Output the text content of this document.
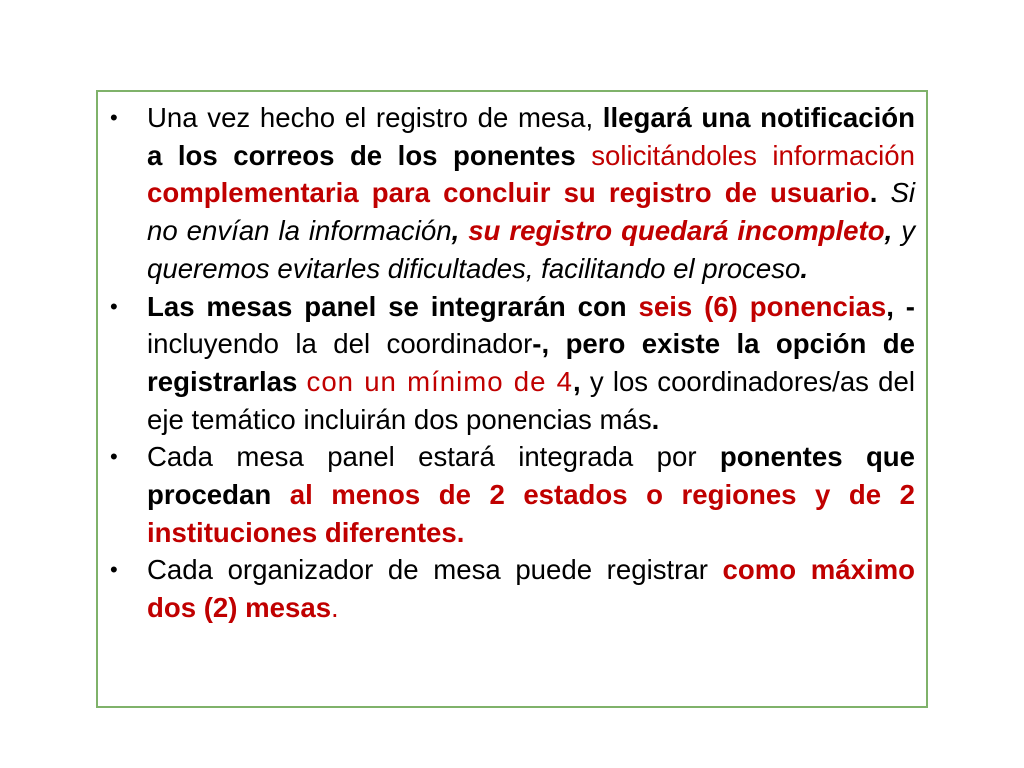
•	Una vez hecho el registro de mesa, llegará una notificación a los correos de los ponentes solicitándoles información complementaria para concluir su registro de usuario. Si no envían la información, su registro quedará incompleto, y queremos evitarles dificultades, facilitando el proceso.
•	Las mesas panel se integrarán con seis (6) ponencias, -incluyendo la del coordinador-, pero existe la opción de registrarlas con un mínimo de 4, y los coordinadores/as del eje temático incluirán dos ponencias más.
•	Cada mesa panel estará integrada por ponentes que procedan al menos de 2 estados o regiones y de 2 instituciones diferentes.
•	Cada organizador de mesa puede registrar como máximo dos (2) mesas.
